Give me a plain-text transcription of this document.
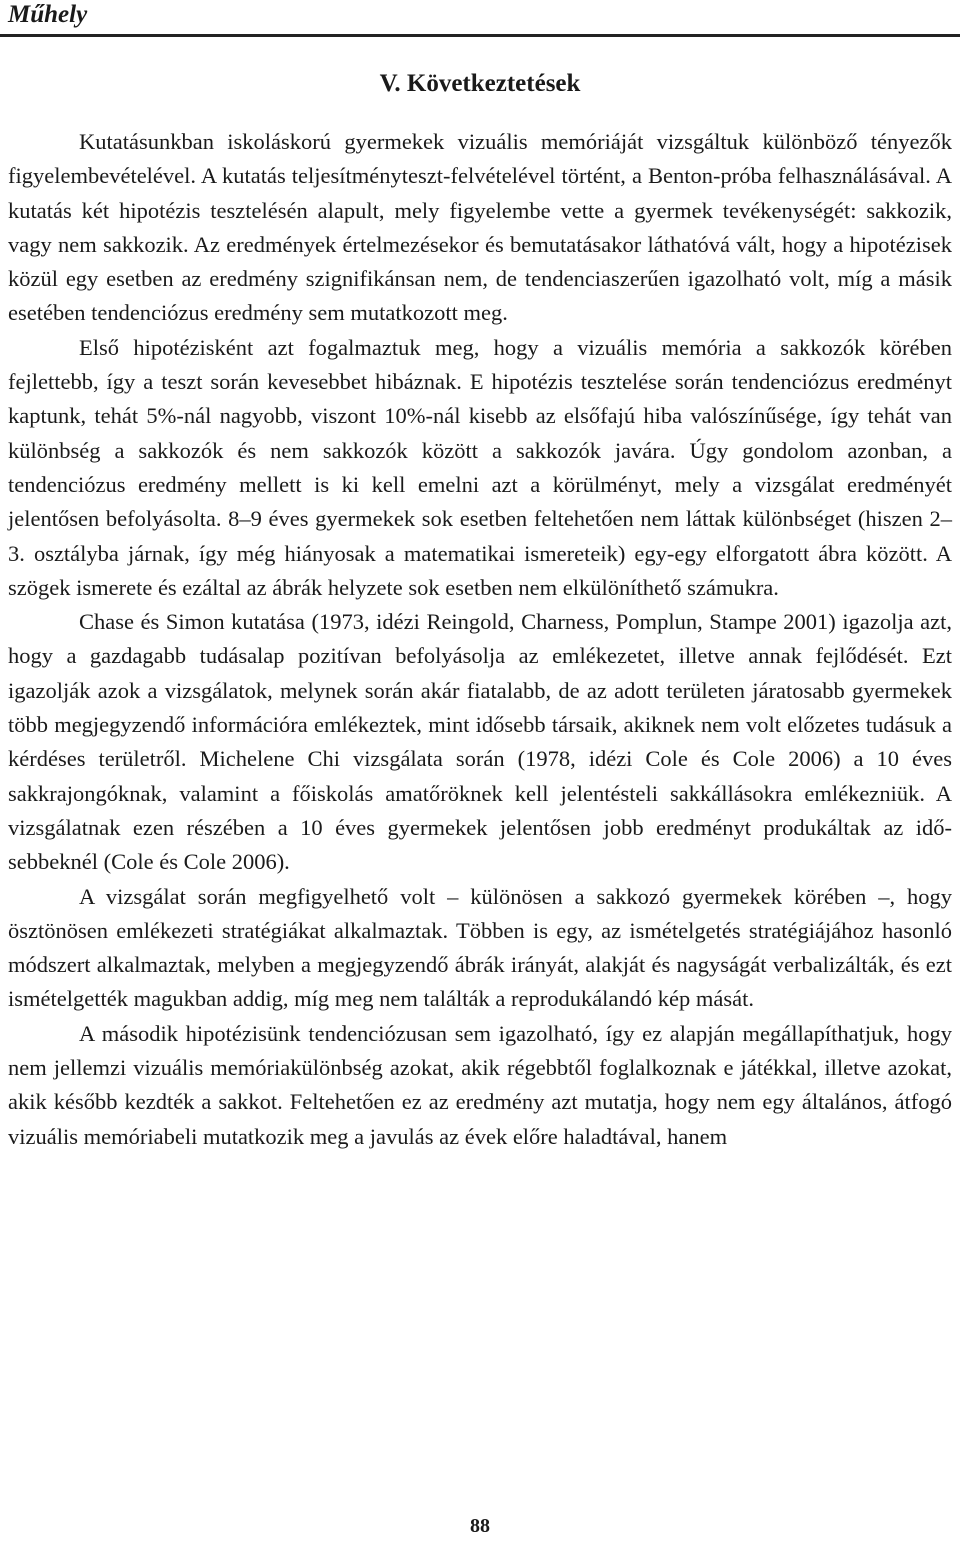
Műhely
V. Következtetések

Kutatásunkban iskoláskorú gyermekek vizuális memóriáját vizsgáltuk különböző tényezők figyelembevételével. A kutatás teljesítményteszt-felvételével történt, a Benton-próba felhasználásával. A kutatás két hipotézis tesztelésén alapult, mely figyelembe vette a gyermek tevékenységét: sakkozik, vagy nem sakkozik. Az eredmények értelmezésekor és bemutatásakor láthatóvá vált, hogy a hipotézisek közül egy esetben az eredmény szignifikánsan nem, de tendenciaszerűen igazolható volt, míg a másik esetében tendenciózus eredmény sem mutatkozott meg.

Első hipotézisként azt fogalmaztuk meg, hogy a vizuális memória a sakkozók körében fejlettebb, így a teszt során kevesebbet hibáznak. E hipotézis tesztelése során tendenciózus eredményt kaptunk, tehát 5%-nál nagyobb, viszont 10%-nál kisebb az elsőfajú hiba valószínűsége, így tehát van különbség a sakkozók és nem sakkozók között a sakkozók javára. Úgy gondolom azonban, a tendenciózus eredmény mellett is ki kell emelni azt a körülményt, mely a vizsgálat eredményét jelentősen befolyásolta. 8–9 éves gyermekek sok esetben feltehetően nem láttak különbséget (hiszen 2–3. osztályba járnak, így még hiányosak a matematikai ismereteik) egy-egy elforgatott ábra között. A szögek ismerete és ezáltal az ábrák helyzete sok esetben nem elkülöníthető számukra.

Chase és Simon kutatása (1973, idézi Reingold, Charness, Pomplun, Stampe 2001) igazolja azt, hogy a gazdagabb tudásalap pozitívan befolyásolja az emlékezetet, illetve annak fejlődését. Ezt igazolják azok a vizsgálatok, melynek során akár fiatalabb, de az adott területen járatosabb gyermekek több megjegyzendő információra emlékeztek, mint idősebb társaik, akiknek nem volt előzetes tudásuk a kérdéses területről. Michelene Chi vizsgálata során (1978, idézi Cole és Cole 2006) a 10 éves sakkrajongóknak, valamint a főiskolás amatőröknek kell jelentésteli sakkállásokra emlékezniük. A vizsgálatnak ezen részében a 10 éves gyermekek jelentősen jobb eredményt produkáltak az idősebbeknél (Cole és Cole 2006).

A vizsgálat során megfigyelhető volt – különösen a sakkozó gyermekek körében –, hogy ösztönösen emlékezeti stratégiákat alkalmaztak. Többen is egy, az ismételgetés stratégiájához hasonló módszert alkalmaztak, melyben a megjegyzendő ábrák irányát, alakját és nagyságát verbalizálták, és ezt ismételgették magukban addig, míg meg nem találták a reprodukálandó kép mását.

A második hipotézisünk tendenciózusan sem igazolható, így ez alapján megállapíthatjuk, hogy nem jellemzi vizuális memóriakülönbség azokat, akik régebbtől foglalkoznak e játékkal, illetve azokat, akik később kezdték a sakkot. Feltehetően ez az eredmény azt mutatja, hogy nem egy általános, átfogó vizuális memóriabeli mutatkozik meg a javulás az évek előre haladtával, hanem

88
